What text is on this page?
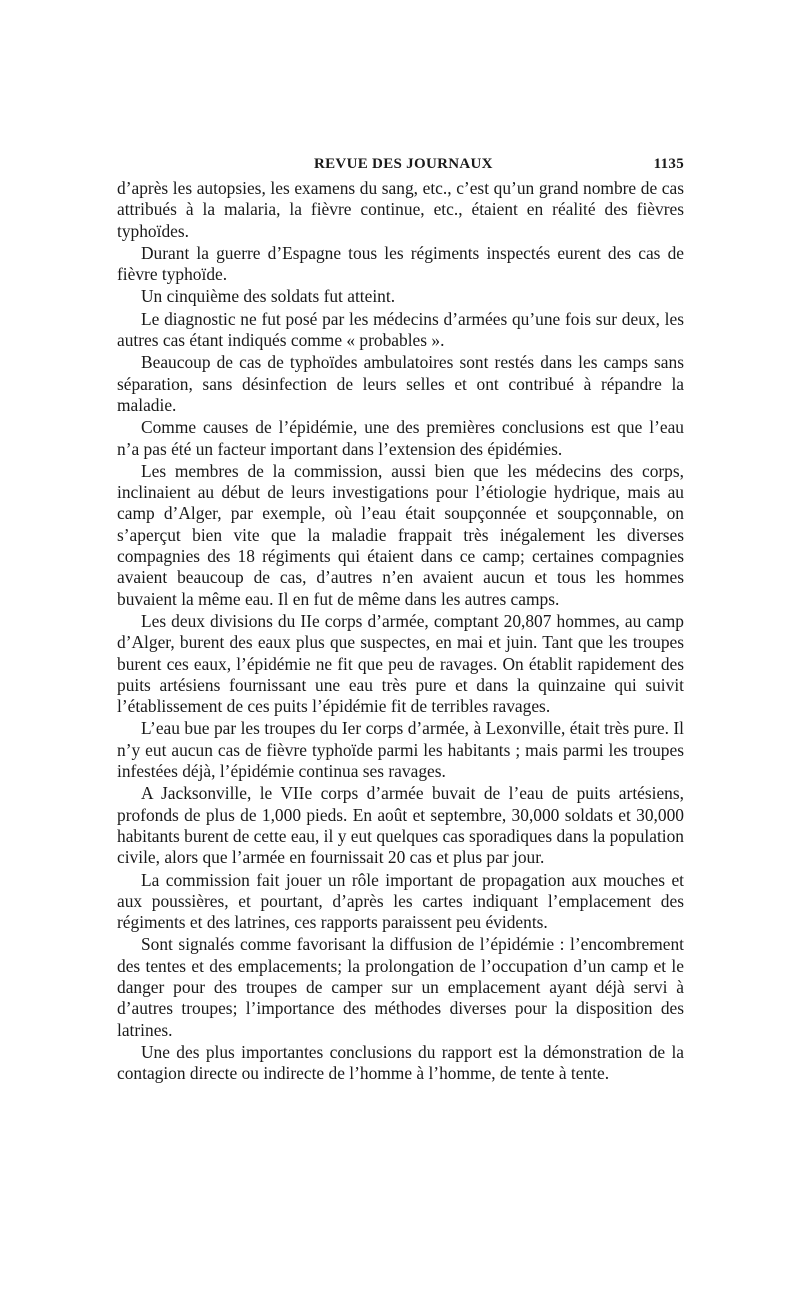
REVUE DES JOURNAUX	1135

d’après les autopsies, les examens du sang, etc., c’est qu’un grand nombre de cas attribués à la malaria, la fièvre continue, etc., étaient en réalité des fièvres typhoïdes.

Durant la guerre d’Espagne tous les régiments inspectés eurent des cas de fièvre typhoïde.

Un cinquième des soldats fut atteint.

Le diagnostic ne fut posé par les médecins d’armées qu’une fois sur deux, les autres cas étant indiqués comme « probables ».

Beaucoup de cas de typhoïdes ambulatoires sont restés dans les camps sans séparation, sans désinfection de leurs selles et ont contribué à répandre la maladie.

Comme causes de l’épidémie, une des premières conclusions est que l’eau n’a pas été un facteur important dans l’extension des épidémies.

Les membres de la commission, aussi bien que les médecins des corps, inclinaient au début de leurs investigations pour l’étiologie hydrique, mais au camp d’Alger, par exemple, où l’eau était soupçonnée et soupçonnable, on s’aperçut bien vite que la maladie frappait très inégalement les diverses compagnies des 18 régiments qui étaient dans ce camp; certaines compagnies avaient beaucoup de cas, d’autres n’en avaient aucun et tous les hommes buvaient la même eau. Il en fut de même dans les autres camps.

Les deux divisions du IIe corps d’armée, comptant 20,807 hommes, au camp d’Alger, burent des eaux plus que suspectes, en mai et juin. Tant que les troupes burent ces eaux, l’épidémie ne fit que peu de ravages. On établit rapidement des puits artésiens fournissant une eau très pure et dans la quinzaine qui suivit l’établissement de ces puits l’épidémie fit de terribles ravages.

L’eau bue par les troupes du Ier corps d’armée, à Lexonville, était très pure. Il n’y eut aucun cas de fièvre typhoïde parmi les habitants ; mais parmi les troupes infestées déjà, l’épidémie continua ses ravages.

A Jacksonville, le VIIe corps d’armée buvait de l’eau de puits artésiens, profonds de plus de 1,000 pieds. En août et septembre, 30,000 soldats et 30,000 habitants burent de cette eau, il y eut quelques cas sporadiques dans la population civile, alors que l’armée en fournissait 20 cas et plus par jour.

La commission fait jouer un rôle important de propagation aux mouches et aux poussières, et pourtant, d’après les cartes indiquant l’emplacement des régiments et des latrines, ces rapports paraissent peu évidents.

Sont signalés comme favorisant la diffusion de l’épidémie : l’encombrement des tentes et des emplacements; la prolongation de l’occupation d’un camp et le danger pour des troupes de camper sur un emplacement ayant déjà servi à d’autres troupes; l’importance des méthodes diverses pour la disposition des latrines.

Une des plus importantes conclusions du rapport est la démonstration de la contagion directe ou indirecte de l’homme à l’homme, de tente à tente.
